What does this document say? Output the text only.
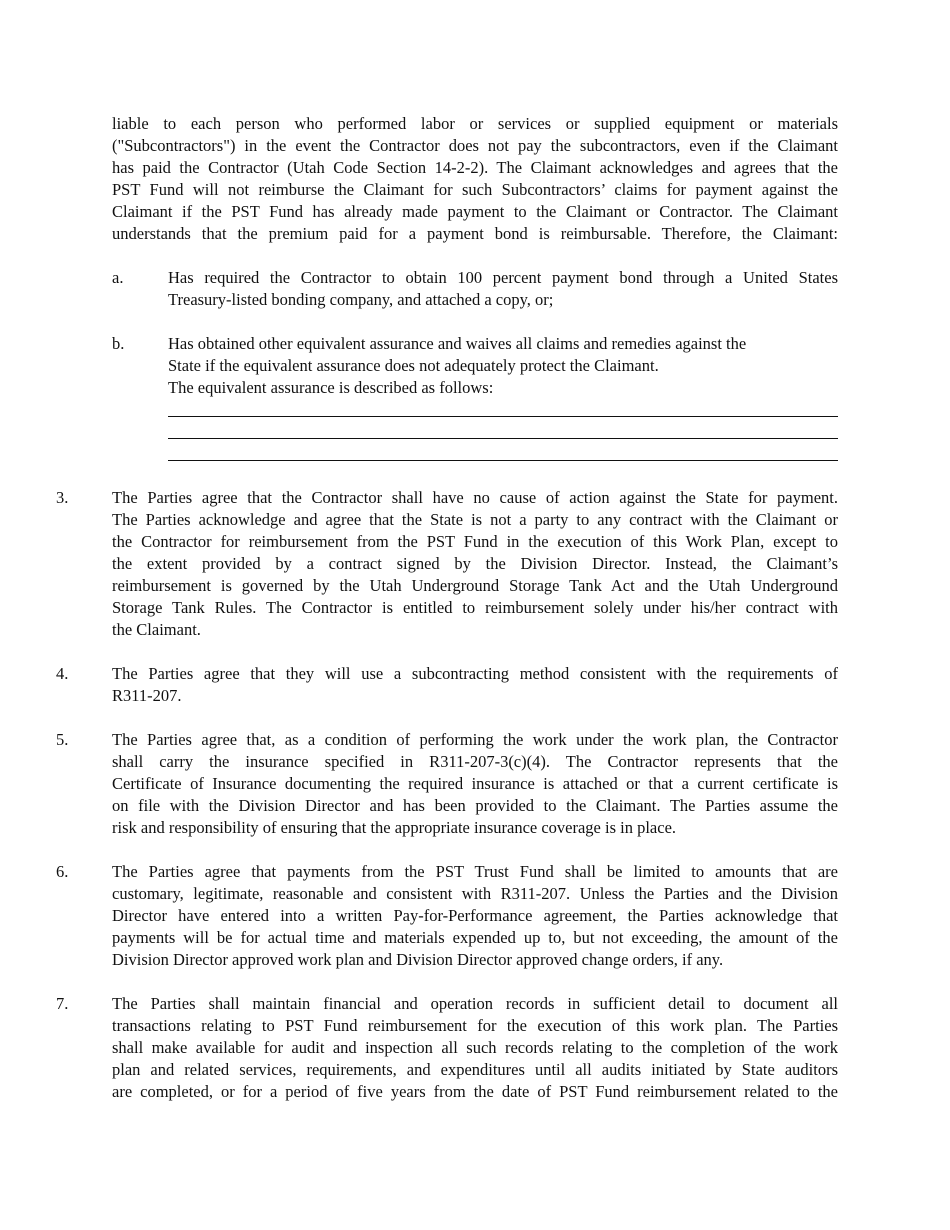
liable to each person who performed labor or services or supplied equipment or materials
("Subcontractors") in the event the Contractor does not pay the subcontractors, even if the Claimant
has paid the Contractor (Utah Code Section 14-2-2). The Claimant acknowledges and agrees that the
PST Fund will not reimburse the Claimant for such Subcontractors’ claims for payment against the
Claimant if the PST Fund has already made payment to the Claimant or Contractor. The Claimant
understands that the premium paid for a payment bond is reimbursable. Therefore, the Claimant:
a.	Has required the Contractor to obtain 100 percent payment bond through a United States
Treasury-listed bonding company, and attached a copy, or;
b.	Has obtained other equivalent assurance and waives all claims and remedies against the
State if the equivalent assurance does not adequately protect the Claimant.
The equivalent assurance is described as follows:
3.	The Parties agree that the Contractor shall have no cause of action against the State for payment.
The Parties acknowledge and agree that the State is not a party to any contract with the Claimant or
the Contractor for reimbursement from the PST Fund in the execution of this Work Plan, except to
the extent provided by a contract signed by the Division Director. Instead, the Claimant’s
reimbursement is governed by the Utah Underground Storage Tank Act and the Utah Underground
Storage Tank Rules. The Contractor is entitled to reimbursement solely under his/her contract with
the Claimant.
4.	The Parties agree that they will use a subcontracting method consistent with the requirements of
R311-207.
5.	The Parties agree that, as a condition of performing the work under the work plan, the Contractor
shall carry the insurance specified in R311-207-3(c)(4). The Contractor represents that the
Certificate of Insurance documenting the required insurance is attached or that a current certificate is
on file with the Division Director and has been provided to the Claimant. The Parties assume the
risk and responsibility of ensuring that the appropriate insurance coverage is in place.
6.	The Parties agree that payments from the PST Trust Fund shall be limited to amounts that are
customary, legitimate, reasonable and consistent with R311-207. Unless the Parties and the Division
Director have entered into a written Pay-for-Performance agreement, the Parties acknowledge that
payments will be for actual time and materials expended up to, but not exceeding, the amount of the
Division Director approved work plan and Division Director approved change orders, if any.
7.	The Parties shall maintain financial and operation records in sufficient detail to document all
transactions relating to PST Fund reimbursement for the execution of this work plan. The Parties
shall make available for audit and inspection all such records relating to the completion of the work
plan and related services, requirements, and expenditures until all audits initiated by State auditors
are completed, or for a period of five years from the date of PST Fund reimbursement related to the
